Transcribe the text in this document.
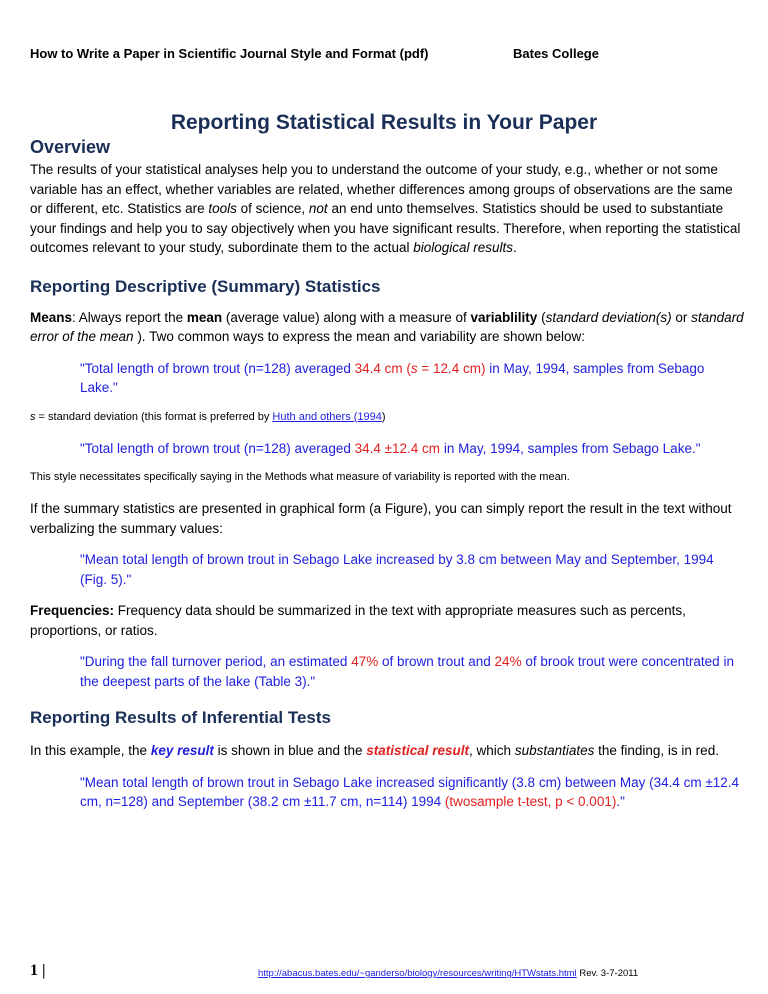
How to Write a Paper in Scientific Journal Style and Format (pdf)	Bates College
Reporting Statistical Results in Your Paper
Overview

The results of your statistical analyses help you to understand the outcome of your study, e.g., whether or not some variable has an effect, whether variables are related, whether differences among groups of observations are the same or different, etc. Statistics are tools of science, not an end unto themselves. Statistics should be used to substantiate your findings and help you to say objectively when you have significant results. Therefore, when reporting the statistical outcomes relevant to your study, subordinate them to the actual biological results.

Reporting Descriptive (Summary) Statistics

Means: Always report the mean (average value) along with a measure of variablility (standard deviation(s) or standard error of the mean ). Two common ways to express the mean and variability are shown below:

"Total length of brown trout (n=128) averaged 34.4 cm (s = 12.4 cm) in May, 1994, samples from Sebago Lake."

s = standard deviation (this format is preferred by Huth and others (1994)

"Total length of brown trout (n=128) averaged 34.4 ±12.4 cm in May, 1994, samples from Sebago Lake."

This style necessitates specifically saying in the Methods what measure of variability is reported with the mean.

If the summary statistics are presented in graphical form (a Figure), you can simply report the result in the text without verbalizing the summary values:

"Mean total length of brown trout in Sebago Lake increased by 3.8 cm between May and September, 1994 (Fig. 5)."

Frequencies: Frequency data should be summarized in the text with appropriate measures such as percents, proportions, or ratios.

"During the fall turnover period, an estimated 47% of brown trout and 24% of brook trout were concentrated in the deepest parts of the lake (Table 3)."

Reporting Results of Inferential Tests

In this example, the key result is shown in blue and the statistical result, which substantiates the finding, is in red.

"Mean total length of brown trout in Sebago Lake increased significantly (3.8 cm) between May (34.4 cm ±12.4 cm, n=128) and September (38.2 cm ±11.7 cm, n=114) 1994 (twosample t-test, p < 0.001)."

1 |	http://abacus.bates.edu/~ganderso/biology/resources/writing/HTWstats.html Rev. 3-7-2011
